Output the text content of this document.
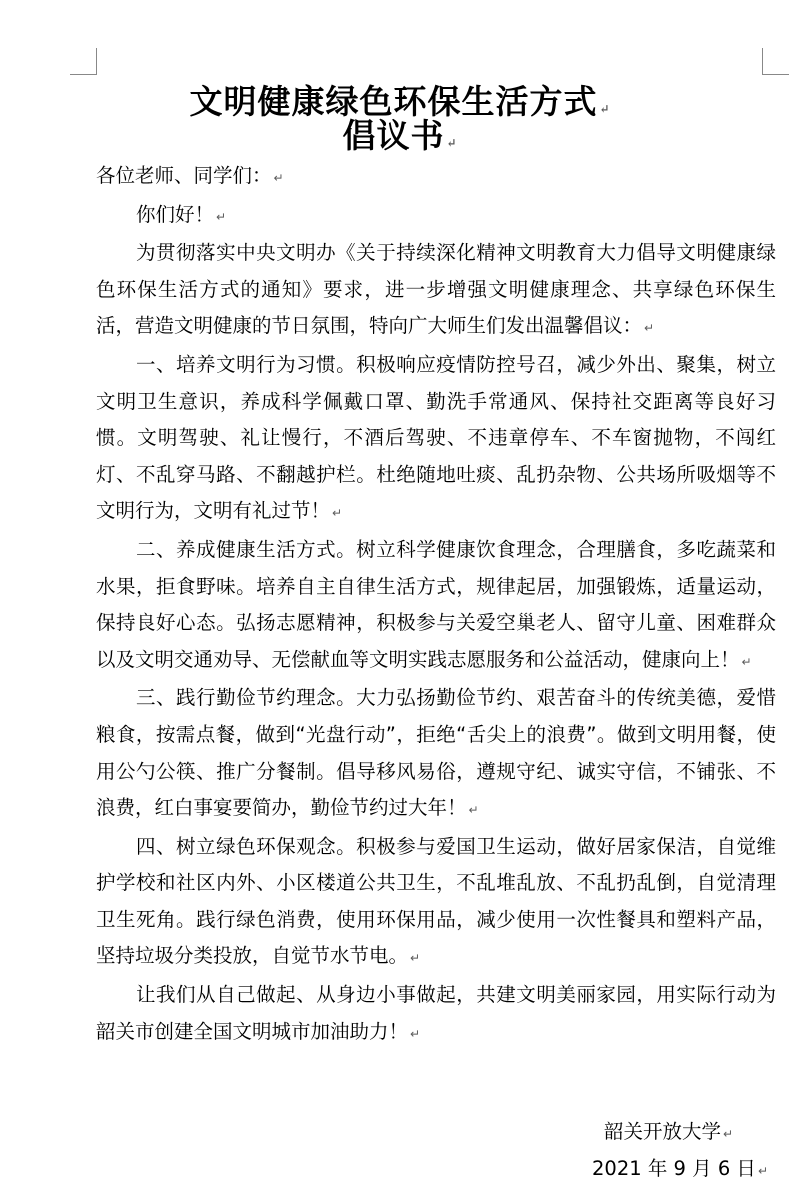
文明健康绿色环保生活方式 ↵
倡议书 ↵

各位老师、同学们： ↵

你们好！ ↵

为贯彻落实中央文明办《关于持续深化精神文明教育大力倡导文明健康绿色环保生活方式的通知》要求，进一步增强文明健康理念、共享绿色环保生活，营造文明健康的节日氛围，特向广大师生们发出温馨倡议： ↵

一、培养文明行为习惯。积极响应疫情防控号召，减少外出、聚集，树立文明卫生意识，养成科学佩戴口罩、勤洗手常通风、保持社交距离等良好习惯。文明驾驶、礼让慢行，不酒后驾驶、不违章停车、不车窗抛物，不闯红灯、不乱穿马路、不翻越护栏。杜绝随地吐痰、乱扔杂物、公共场所吸烟等不文明行为，文明有礼过节！ ↵

二、养成健康生活方式。树立科学健康饮食理念，合理膳食，多吃蔬菜和水果，拒食野味。培养自主自律生活方式，规律起居，加强锻炼，适量运动，保持良好心态。弘扬志愿精神，积极参与关爱空巢老人、留守儿童、困难群众以及文明交通劝导、无偿献血等文明实践志愿服务和公益活动，健康向上！ ↵

三、践行勤俭节约理念。大力弘扬勤俭节约、艰苦奋斗的传统美德，爱惜粮食，按需点餐，做到“光盘行动”，拒绝“舌尖上的浪费”。做到文明用餐，使用公勺公筷、推广分餐制。倡导移风易俗，遵规守纪、诚实守信，不铺张、不浪费，红白事宴要简办，勤俭节约过大年！ ↵

四、树立绿色环保观念。积极参与爱国卫生运动，做好居家保洁，自觉维护学校和社区内外、小区楼道公共卫生，不乱堆乱放、不乱扔乱倒，自觉清理卫生死角。践行绿色消费，使用环保用品，减少使用一次性餐具和塑料产品，坚持垃圾分类投放，自觉节水节电。 ↵

让我们从自己做起、从身边小事做起，共建文明美丽家园，用实际行动为韶关市创建全国文明城市加油助力！ ↵

韶关开放大学 ↵
2021 年 9 月 6 日 ↵
